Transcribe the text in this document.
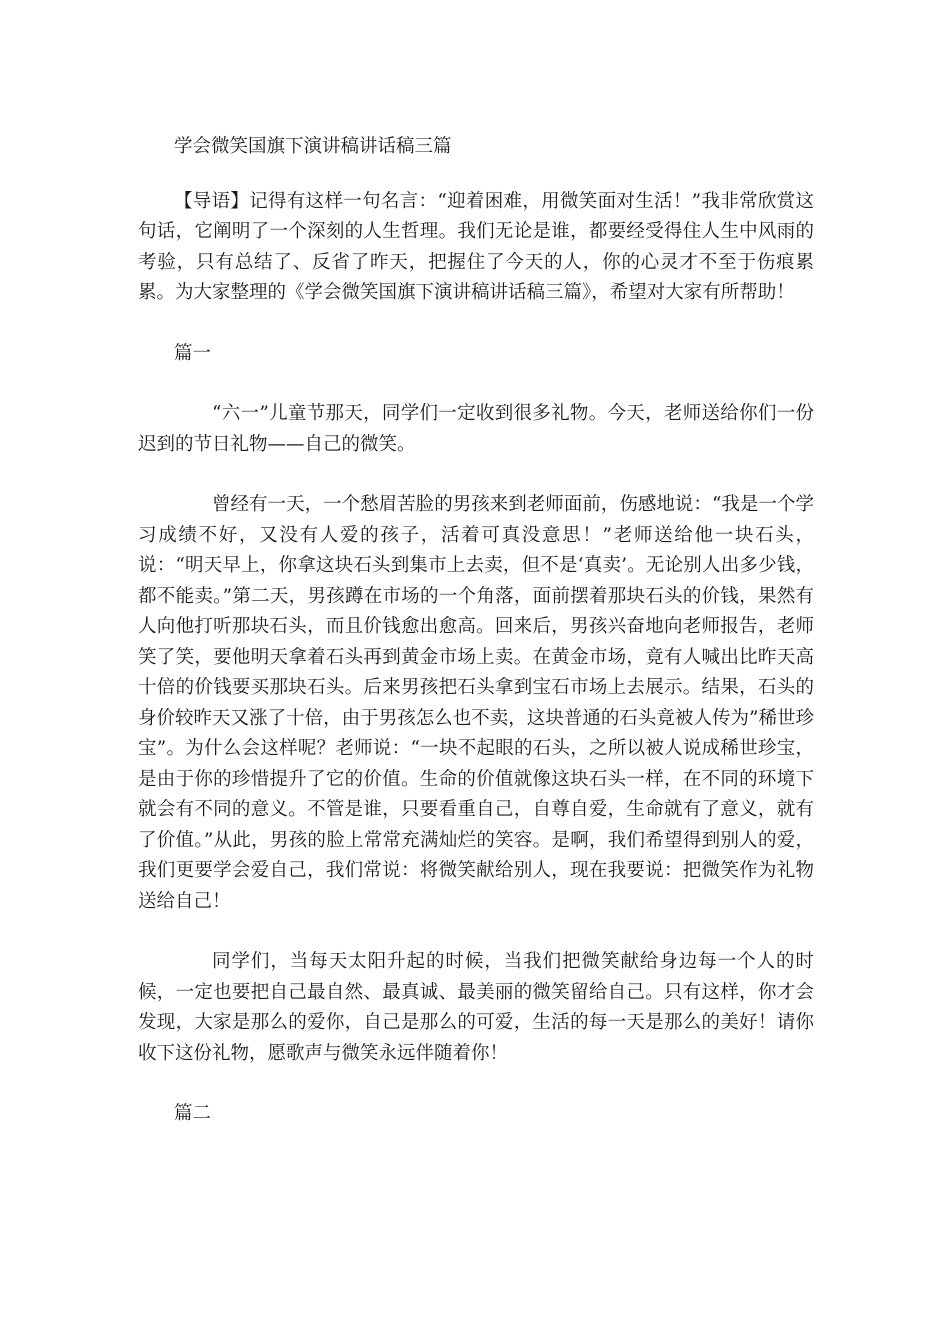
学会微笑国旗下演讲稿讲话稿三篇

【导语】记得有这样一句名言：“迎着困难，用微笑面对生活！”我非常欣赏这句话，它阐明了一个深刻的人生哲理。我们无论是谁，都要经受得住人生中风雨的考验，只有总结了、反省了昨天，把握住了今天的人，你的心灵才不至于伤痕累累。为大家整理的《学会微笑国旗下演讲稿讲话稿三篇》，希望对大家有所帮助！

篇一

“六一”儿童节那天，同学们一定收到很多礼物。今天，老师送给你们一份迟到的节日礼物——自己的微笑。

曾经有一天，一个愁眉苦脸的男孩来到老师面前，伤感地说：“我是一个学习成绩不好，又没有人爱的孩子，活着可真没意思！”老师送给他一块石头，说：“明天早上，你拿这块石头到集市上去卖，但不是‘真卖’。无论别人出多少钱，都不能卖。”第二天，男孩蹲在市场的一个角落，面前摆着那块石头的价钱，果然有人向他打听那块石头，而且价钱愈出愈高。回来后，男孩兴奋地向老师报告，老师笑了笑，要他明天拿着石头再到黄金市场上卖。在黄金市场，竟有人喊出比昨天高十倍的价钱要买那块石头。后来男孩把石头拿到宝石市场上去展示。结果，石头的身价较昨天又涨了十倍，由于男孩怎么也不卖，这块普通的石头竟被人传为”稀世珍宝”。为什么会这样呢？老师说：“一块不起眼的石头，之所以被人说成稀世珍宝，是由于你的珍惜提升了它的价值。生命的价值就像这块石头一样，在不同的环境下就会有不同的意义。不管是谁，只要看重自己，自尊自爱，生命就有了意义，就有了价值。”从此，男孩的脸上常常充满灿烂的笑容。是啊，我们希望得到别人的爱，我们更要学会爱自己，我们常说：将微笑献给别人，现在我要说：把微笑作为礼物送给自己！

同学们，当每天太阳升起的时候，当我们把微笑献给身边每一个人的时候，一定也要把自己最自然、最真诚、最美丽的微笑留给自己。只有这样，你才会发现，大家是那么的爱你，自己是那么的可爱，生活的每一天是那么的美好！请你收下这份礼物，愿歌声与微笑永远伴随着你！

篇二
